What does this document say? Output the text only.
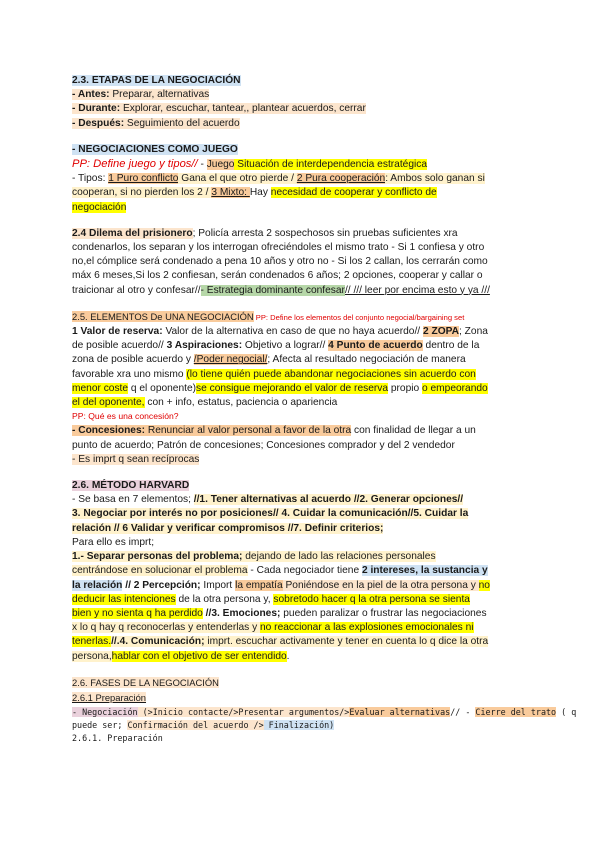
2.3. ETAPAS DE LA NEGOCIACIÓN
- Antes: Preparar, alternativas
- Durante: Explorar, escuchar, tantear,, plantear acuerdos, cerrar
- Después: Seguimiento del acuerdo
- NEGOCIACIONES COMO JUEGO
PP: Define juego y tipos// - Juego Situación de interdependencia estratégica
- Tipos: 1 Puro conflicto Gana el que otro pierde / 2 Pura cooperación: Ambos solo ganan si
cooperan, si no pierden los 2 / 3 Mixto: Hay necesidad de cooperar y conflicto de
negociación
2.4 Dilema del prisionero; Policía arresta 2 sospechosos sin pruebas suficientes xra
condenarlos, los separan y los interrogan ofreciéndoles el mismo trato - Si 1 confiesa y otro
no,el cómplice será condenado a pena 10 años y otro no - Si los 2 callan, los cerrarán como
máx 6 meses,Si los 2 confiesan, serán condenados 6 años; 2 opciones, cooperar y callar o
traicionar al otro y confesar//- Estrategia dominante confesar// /// leer por encima esto y ya ///
2.5. ELEMENTOS De UNA NEGOCIACIÓN PP: Define los elementos del conjunto negocial/bargaining set
1 Valor de reserva: Valor de la alternativa en caso de que no haya acuerdo// 2 ZOPA; Zona
de posible acuerdo// 3 Aspiraciones: Objetivo a lograr// 4 Punto de acuerdo dentro de la
zona de posible acuerdo y /Poder negocial/; Afecta al resultado negociación de manera
favorable xra uno mismo (lo tiene quién puede abandonar negociaciones sin acuerdo con
menor coste q el oponente)se consigue mejorando el valor de reserva propio o empeorando
el del oponente, con + info, estatus, paciencia o apariencia
PP: Qué es una concesión?
- Concesiones: Renunciar al valor personal a favor de la otra con finalidad de llegar a un
punto de acuerdo; Patrón de concesiones; Concesiones comprador y del 2 vendedor
- Es imprt q sean recíprocas
2.6. MÉTODO HARVARD
- Se basa en 7 elementos; //1. Tener alternativas al acuerdo //2. Generar opciones//
3. Negociar por interés no por posiciones// 4. Cuidar la comunicación//5. Cuidar la
relación // 6 Validar y verificar compromisos //7. Definir criterios;
Para ello es imprt;
1.- Separar personas del problema; dejando de lado las relaciones personales
centrándose en solucionar el problema - Cada negociador tiene 2 intereses, la sustancia y
la relación // 2 Percepción; Import la empatía Poniéndose en la piel de la otra persona y no
deducir las intenciones de la otra persona y, sobretodo hacer q la otra persona se sienta
bien y no sienta q ha perdido //3. Emociones; pueden paralizar o frustrar las negociaciones
x lo q hay q reconocerlas y entenderlas y no reaccionar a las explosiones emocionales ni
tenerlas.//.4. Comunicación; imprt. escuchar activamente y tener en cuenta lo q dice la otra
persona,hablar con el objetivo de ser entendido.
2.6. FASES DE LA NEGOCIACIÓN
2.6.1 Preparación
- Negociación (>Inicio contacte/>Presentar argumentos/>Evaluar alternativas// - Cierre del trato ( q
puede ser; Confirmación del acuerdo /> Finalización)
2.6.1. Preparación
